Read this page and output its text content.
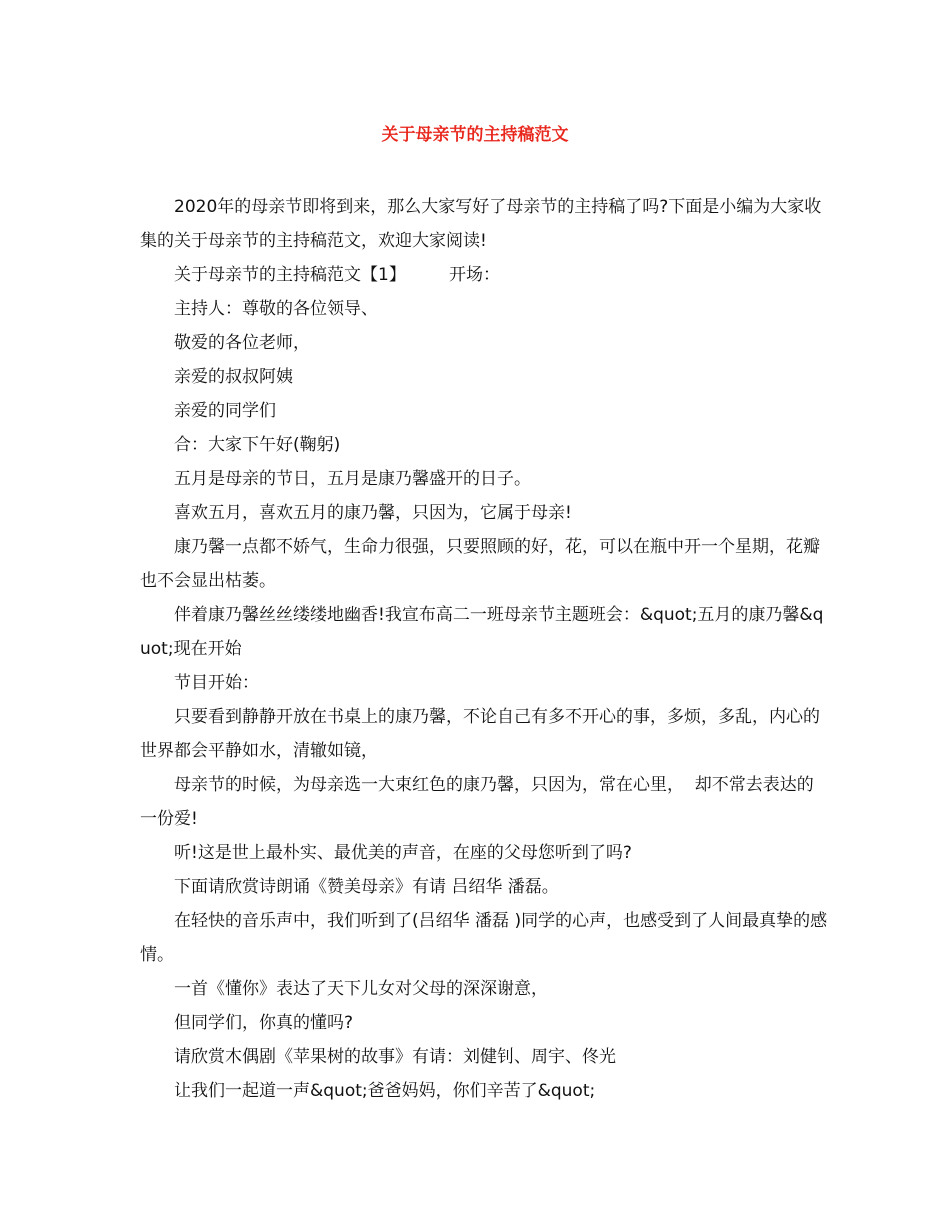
关于母亲节的主持稿范文

2020年的母亲节即将到来，那么大家写好了母亲节的主持稿了吗?下面是小编为大家收集的关于母亲节的主持稿范文，欢迎大家阅读!

关于母亲节的主持稿范文【1】        开场：

主持人：尊敬的各位领导、

敬爱的各位老师，

亲爱的叔叔阿姨

亲爱的同学们

合：大家下午好(鞠躬)

五月是母亲的节日，五月是康乃馨盛开的日子。

喜欢五月，喜欢五月的康乃馨，只因为，它属于母亲!

康乃馨一点都不娇气，生命力很强，只要照顾的好，花，可以在瓶中开一个星期，花瓣也不会显出枯萎。

伴着康乃馨丝丝缕缕地幽香!我宣布高二一班母亲节主题班会：&quot;五月的康乃馨&quot;现在开始

节目开始：

只要看到静静开放在书桌上的康乃馨，不论自己有多不开心的事，多烦，多乱，内心的世界都会平静如水，清辙如镜，

母亲节的时候，为母亲选一大束红色的康乃馨，只因为，常在心里，  却不常去表达的一份爱!

听!这是世上最朴实、最优美的声音，在座的父母您听到了吗?

下面请欣赏诗朗诵《赞美母亲》有请 吕绍华 潘磊。

在轻快的音乐声中，我们听到了(吕绍华 潘磊 )同学的心声，也感受到了人间最真挚的感情。

一首《懂你》表达了天下儿女对父母的深深谢意，

但同学们，你真的懂吗?

请欣赏木偶剧《苹果树的故事》有请：刘健钊、周宇、佟光

让我们一起道一声&quot;爸爸妈妈，你们辛苦了&quot;
